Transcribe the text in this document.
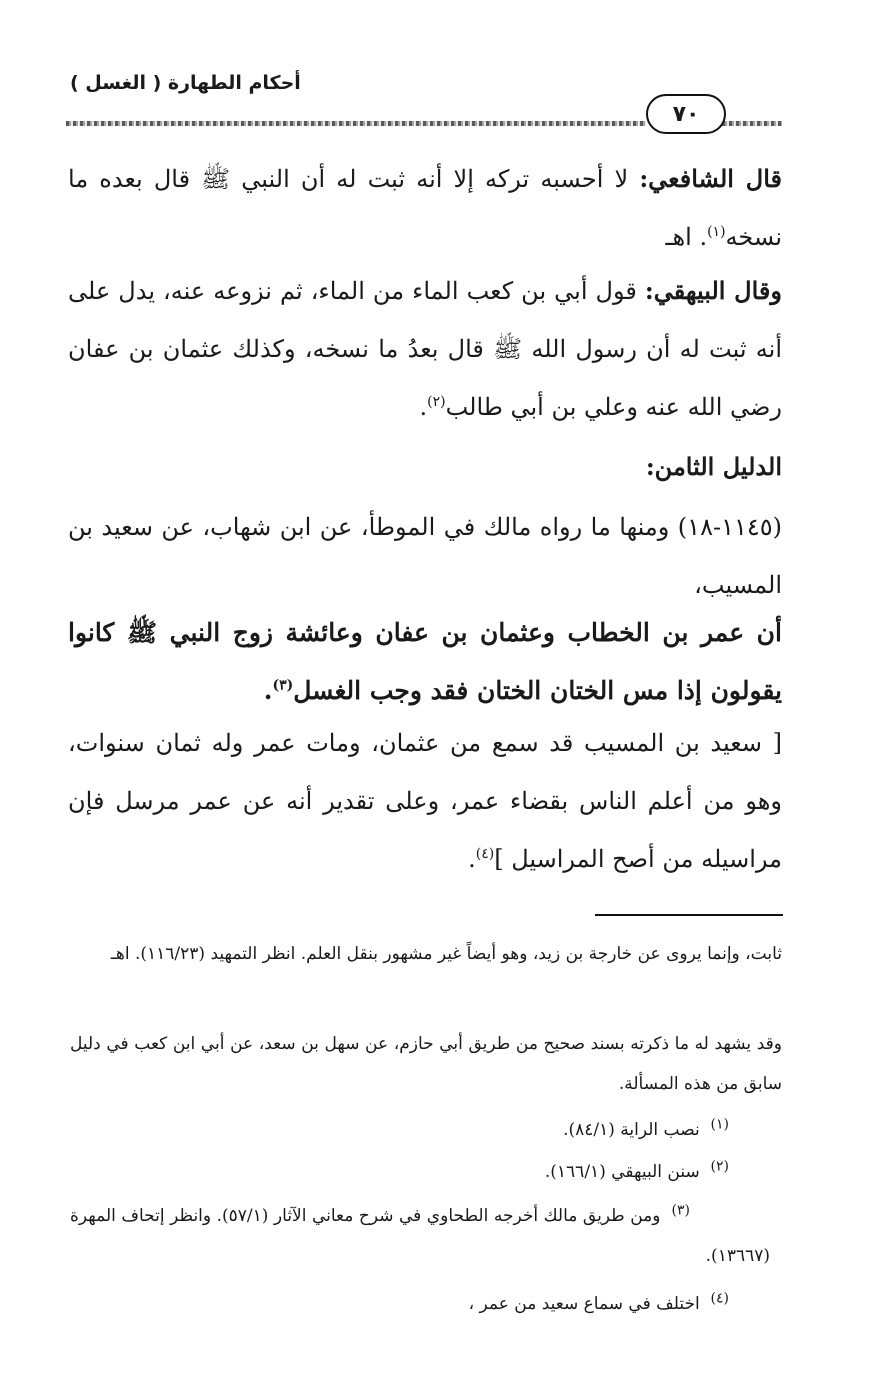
أحكام الطهارة ( الغسل )
٧٠
قال الشافعي: لا أحسبه تركه إلا أنه ثبت له أن النبي ﷺ قال بعده ما نسخه$^{(١)}$. اهـ
وقال البيهقي: قول أبي بن كعب الماء من الماء، ثم نزوعه عنه، يدل على أنه ثبت له أن رسول الله ﷺ قال بعدُ ما نسخه، وكذلك عثمان بن عفان رضي الله عنه وعلي بن أبي طالب$^{(٢)}$.
الدليل الثامن:
(١١٤٥-١٨) ومنها ما رواه مالك في الموطأ، عن ابن شهاب، عن سعيد بن المسيب،
أن عمر بن الخطاب وعثمان بن عفان وعائشة زوج النبي ﷺ كانوا يقولون إذا مس الختان الختان فقد وجب الغسل$^{(٣)}$.
[ سعيد بن المسيب قد سمع من عثمان، ومات عمر وله ثمان سنوات، وهو من أعلم الناس بقضاء عمر، وعلى تقدير أنه عن عمر مرسل فإن مراسيله من أصح المراسيل ]$^{(٤)}$.
ثابت، وإنما يروى عن خارجة بن زيد، وهو أيضاً غير مشهور بنقل العلم. انظر التمهيد (١١٦/٢٣). اهـ
وقد يشهد له ما ذكرته بسند صحيح من طريق أبي حازم، عن سهل بن سعد، عن أبي ابن كعب في دليل سابق من هذه المسألة.
$^{(١)}$  نصب الراية (٨٤/١).
$^{(٢)}$  سنن البيهقي (١٦٦/١).
$^{(٣)}$  ومن طريق مالك أخرجه الطحاوي في شرح معاني الآثار (٥٧/١). وانظر إتحاف المهرة (١٣٦٦٧).
$^{(٤)}$  اختلف في سماع سعيد من عمر ،
